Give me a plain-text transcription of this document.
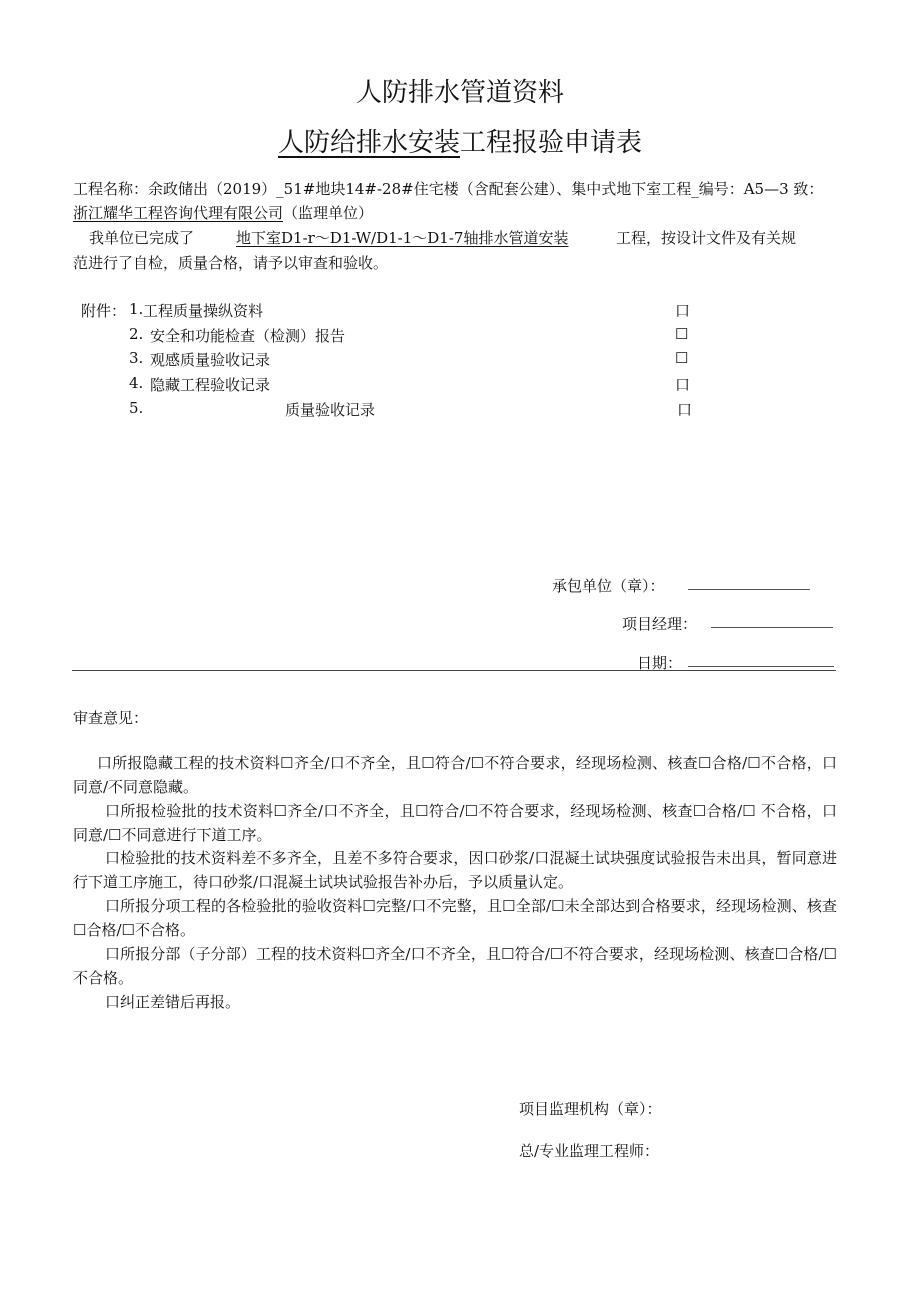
人防排水管道资料
人防给排水安装工程报验申请表
工程名称：余政储出（2019）_51#地块14#-28#住宅楼（含配套公建）、集中式地下室工程_编号：A5—3 致：
浙江耀华工程咨询代理有限公司（监理单位）
我单位已完成了	地下室D1-r～D1-W/D1-1～D1-7轴排水管道安装	工程，按设计文件及有关规
范进行了自检，质量合格，请予以审查和验收。
附件： 1. 工程质量操纵资料	口
2. 安全和功能检查（检测）报告	☐
3. 观感质量验收记录	☐
4. 隐藏工程验收记录	口
5.	质量验收记录	口
承包单位（章）：
项目经理：
日期：
审查意见：
口所报隐藏工程的技术资料☐齐全/口不齐全，且☐符合/☐不符合要求，经现场检测、核查☐合格/☐不合格，口同意/不同意隐藏。
口所报检验批的技术资料☐齐全/口不齐全，且☐符合/☐不符合要求，经现场检测、核查☐合格/☐ 不合格，口同意/☐不同意进行下道工序。
口检验批的技术资料差不多齐全，且差不多符合要求，因口砂浆/口混凝土试块强度试验报告未出具，暂同意进行下道工序施工，待口砂浆/口混凝土试块试验报告补办后，予以质量认定。
口所报分项工程的各检验批的验收资料☐完整/口不完整，且☐全部/☐未全部达到合格要求，经现场检测、核查☐合格/☐不合格。
口所报分部（子分部）工程的技术资料☐齐全/口不齐全，且☐符合/☐不符合要求，经现场检测、核查☐合格/☐不合格。
口纠正差错后再报。
项目监理机构（章）：
总/专业监理工程师：
